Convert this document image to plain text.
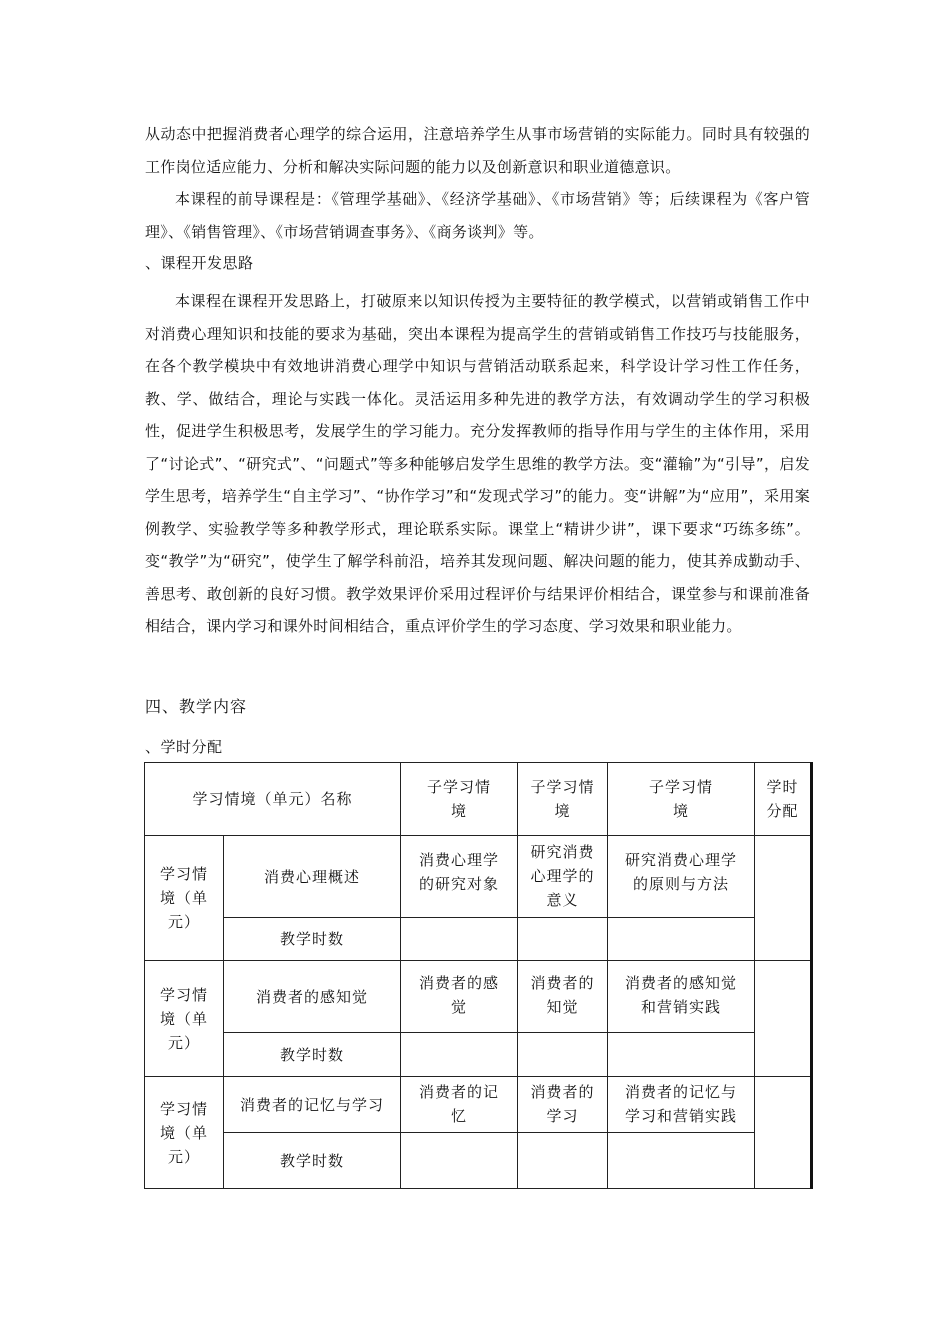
从动态中把握消费者心理学的综合运用，注意培养学生从事市场营销的实际能力。同时具有较强的工作岗位适应能力、分析和解决实际问题的能力以及创新意识和职业道德意识。
本课程的前导课程是：《管理学基础》、《经济学基础》、《市场营销》等；后续课程为《客户管理》、《销售管理》、《市场营销调查事务》、《商务谈判》等。
、课程开发思路
本课程在课程开发思路上，打破原来以知识传授为主要特征的教学模式，以营销或销售工作中对消费心理知识和技能的要求为基础，突出本课程为提高学生的营销或销售工作技巧与技能服务，在各个教学模块中有效地讲消费心理学中知识与营销活动联系起来，科学设计学习性工作任务，教、学、做结合，理论与实践一体化。灵活运用多种先进的教学方法，有效调动学生的学习积极性，促进学生积极思考，发展学生的学习能力。充分发挥教师的指导作用与学生的主体作用，采用了“讨论式”、“研究式”、“问题式”等多种能够启发学生思维的教学方法。变“灌输”为“引导”，启发学生思考，培养学生“自主学习”、“协作学习”和“发现式学习”的能力。变“讲解”为“应用”，采用案例教学、实验教学等多种教学形式，理论联系实际。课堂上“精讲少讲”，课下要求“巧练多练”。变“教学”为“研究”，使学生了解学科前沿，培养其发现问题、解决问题的能力，使其养成勤动手、善思考、敢创新的良好习惯。教学效果评价采用过程评价与结果评价相结合，课堂参与和课前准备相结合，课内学习和课外时间相结合，重点评价学生的学习态度、学习效果和职业能力。
四、教学内容
、学时分配
学习情境（单元）名称		子学习情境	子学习情境	子学习情境	学时分配
学习情境（单元）	消费心理概述	消费心理学的研究对象	研究消费心理学的意义	研究消费心理学的原则与方法	
	教学时数				
学习情境（单元）	消费者的感知觉	消费者的感觉	消费者的知觉	消费者的感知觉和营销实践	
	教学时数				
学习情境（单元）	消费者的记忆与学习	消费者的记忆	消费者的学习	消费者的记忆与学习和营销实践	
	教学时数				
